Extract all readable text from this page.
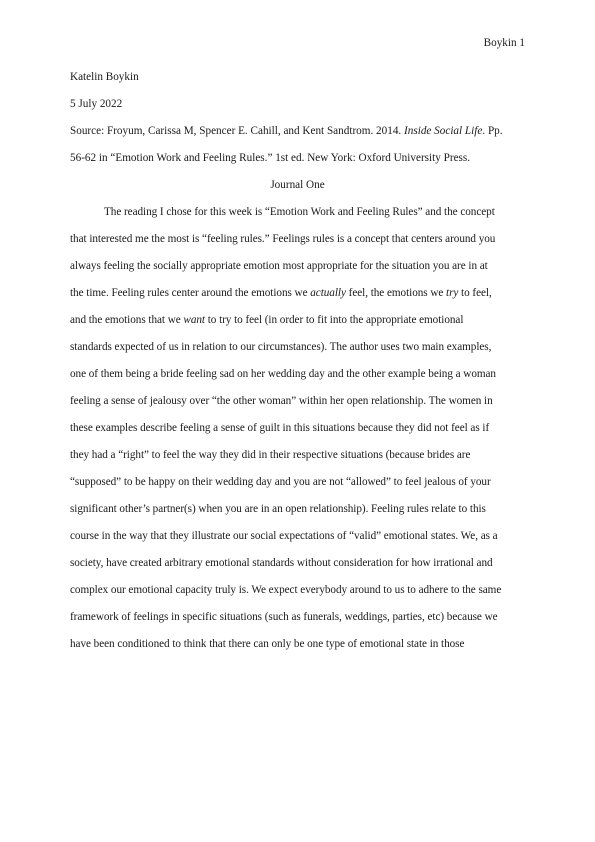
Boykin 1
Katelin Boykin
5 July 2022
Source: Froyum, Carissa M, Spencer E. Cahill, and Kent Sandtrom. 2014. Inside Social Life. Pp.
56-62 in “Emotion Work and Feeling Rules.” 1st ed. New York: Oxford University Press.
Journal One
The reading I chose for this week is “Emotion Work and Feeling Rules” and the concept
that interested me the most is “feeling rules.” Feelings rules is a concept that centers around you
always feeling the socially appropriate emotion most appropriate for the situation you are in at
the time. Feeling rules center around the emotions we actually feel, the emotions we try to feel,
and the emotions that we want to try to feel (in order to fit into the appropriate emotional
standards expected of us in relation to our circumstances). The author uses two main examples,
one of them being a bride feeling sad on her wedding day and the other example being a woman
feeling a sense of jealousy over “the other woman” within her open relationship. The women in
these examples describe feeling a sense of guilt in this situations because they did not feel as if
they had a “right” to feel the way they did in their respective situations (because brides are
“supposed” to be happy on their wedding day and you are not “allowed” to feel jealous of your
significant other’s partner(s) when you are in an open relationship). Feeling rules relate to this
course in the way that they illustrate our social expectations of “valid” emotional states. We, as a
society, have created arbitrary emotional standards without consideration for how irrational and
complex our emotional capacity truly is. We expect everybody around to us to adhere to the same
framework of feelings in specific situations (such as funerals, weddings, parties, etc) because we
have been conditioned to think that there can only be one type of emotional state in those
